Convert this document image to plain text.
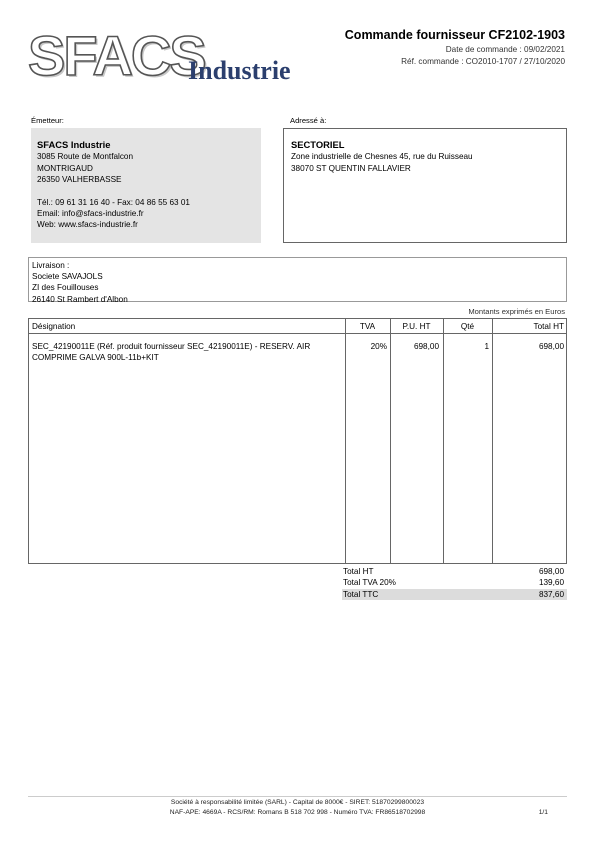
SFACS
Industrie
Commande fournisseur CF2102-1903
Date de commande : 09/02/2021
Réf. commande : CO2010-1707 / 27/10/2020
Émetteur:	Adressé à:
SFACS Industrie
3085 Route de Montfalcon
MONTRIGAUD
26350 VALHERBASSE
Tél.: 09 61 31 16 40 - Fax: 04 86 55 63 01
Email: info@sfacs-industrie.fr
Web: www.sfacs-industrie.fr
SECTORIEL
Zone industrielle de Chesnes 45, rue du Ruisseau
38070 ST QUENTIN FALLAVIER
Livraison :
Societe SAVAJOLS
ZI des Fouillouses
26140 St Rambert d'Albon
Montants exprimés en Euros
Désignation	TVA	P.U. HT	Qté	Total HT
SEC_42190011E (Réf. produit fournisseur SEC_42190011E) - RESERV. AIR
COMPRIME GALVA 900L-11b+KIT
20%	698,00	1	698,00
Total HT	698,00
Total TVA 20%	139,60
Total TTC	837,60
Société à responsabilité limitée (SARL) - Capital de 8000€ - SIRET: 51870299800023
NAF-APE: 4669A - RCS/RM: Romans B 518 702 998 - Numéro TVA: FR86518702998	1/1
